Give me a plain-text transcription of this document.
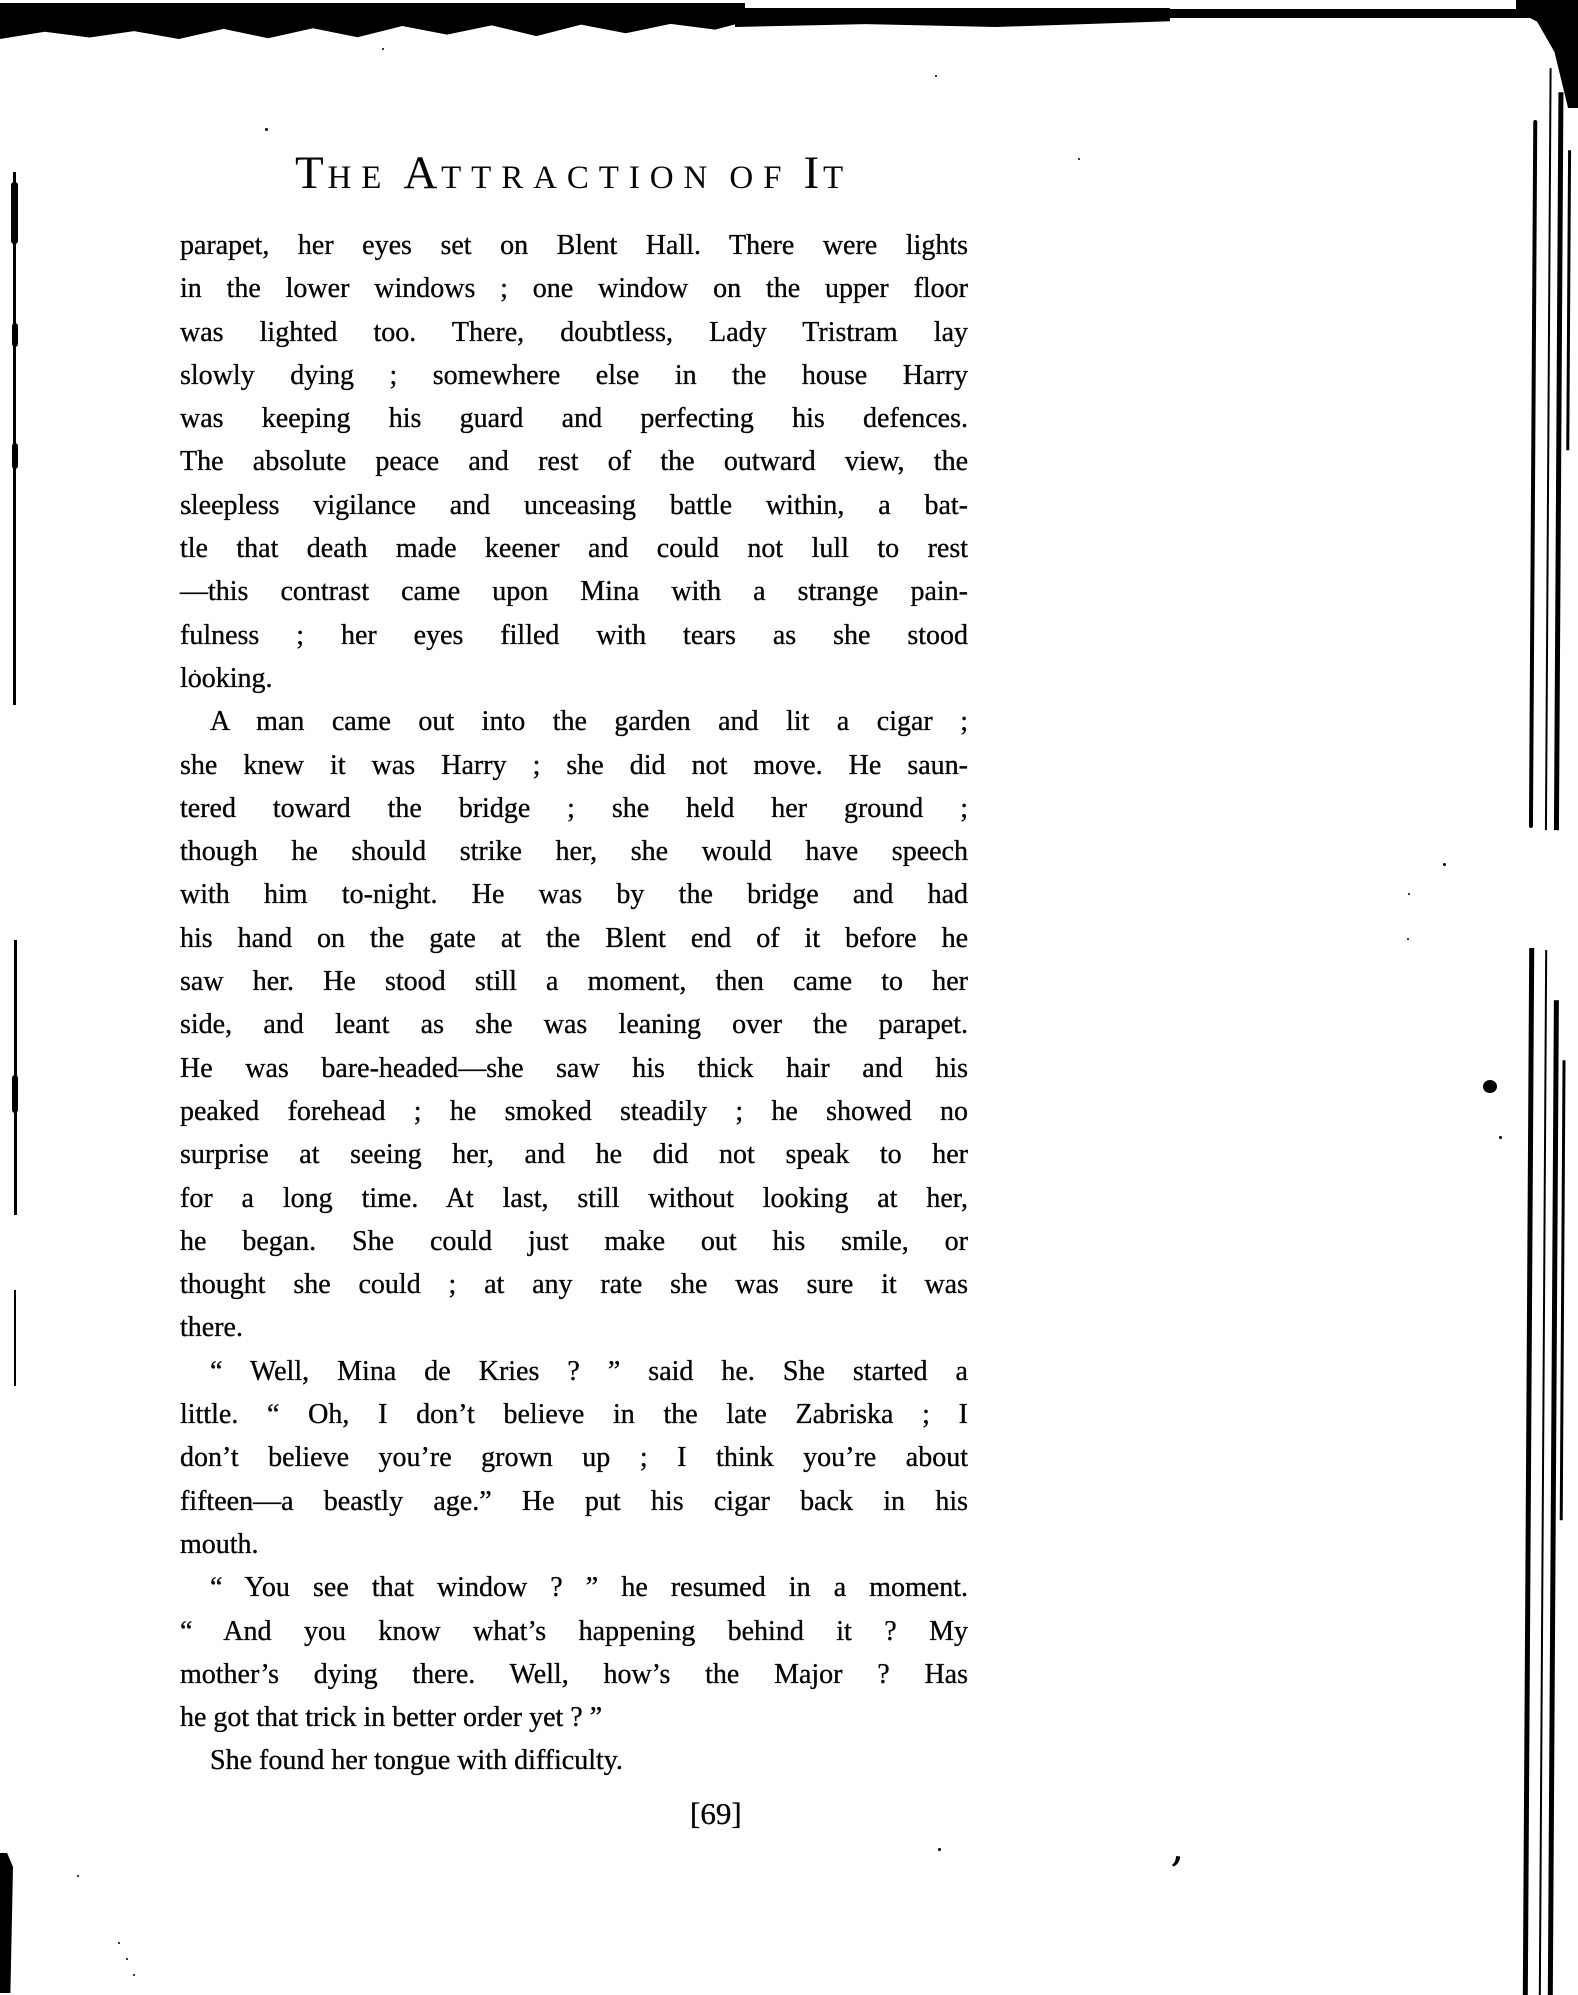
’
THE ATTRACTION OF IT
parapet, her eyes set on Blent Hall. There were lights
in the lower windows ; one window on the upper floor
was lighted too. There, doubtless, Lady Tristram lay
slowly dying ; somewhere else in the house Harry
was keeping his guard and perfecting his defences.
The absolute peace and rest of the outward view, the
sleepless vigilance and unceasing battle within, a bat-
tle that death made keener and could not lull to rest
—this contrast came upon Mina with a strange pain-
fulness ; her eyes filled with tears as she stood
looking.
A man came out into the garden and lit a cigar ;
she knew it was Harry ; she did not move. He saun-
tered toward the bridge ; she held her ground ;
though he should strike her, she would have speech
with him to-night. He was by the bridge and had
his hand on the gate at the Blent end of it before he
saw her. He stood still a moment, then came to her
side, and leant as she was leaning over the parapet.
He was bare-headed—she saw his thick hair and his
peaked forehead ; he smoked steadily ; he showed no
surprise at seeing her, and he did not speak to her
for a long time. At last, still without looking at her,
he began. She could just make out his smile, or
thought she could ; at any rate she was sure it was
there.
“ Well, Mina de Kries ? ” said he. She started a
little. “ Oh, I don’t believe in the late Zabriska ; I
don’t believe you’re grown up ; I think you’re about
fifteen—a beastly age.” He put his cigar back in his
mouth.
“ You see that window ? ” he resumed in a moment.
“ And you know what’s happening behind it ? My
mother’s dying there. Well, how’s the Major ? Has
he got that trick in better order yet ? ”
She found her tongue with difficulty.
[69]
